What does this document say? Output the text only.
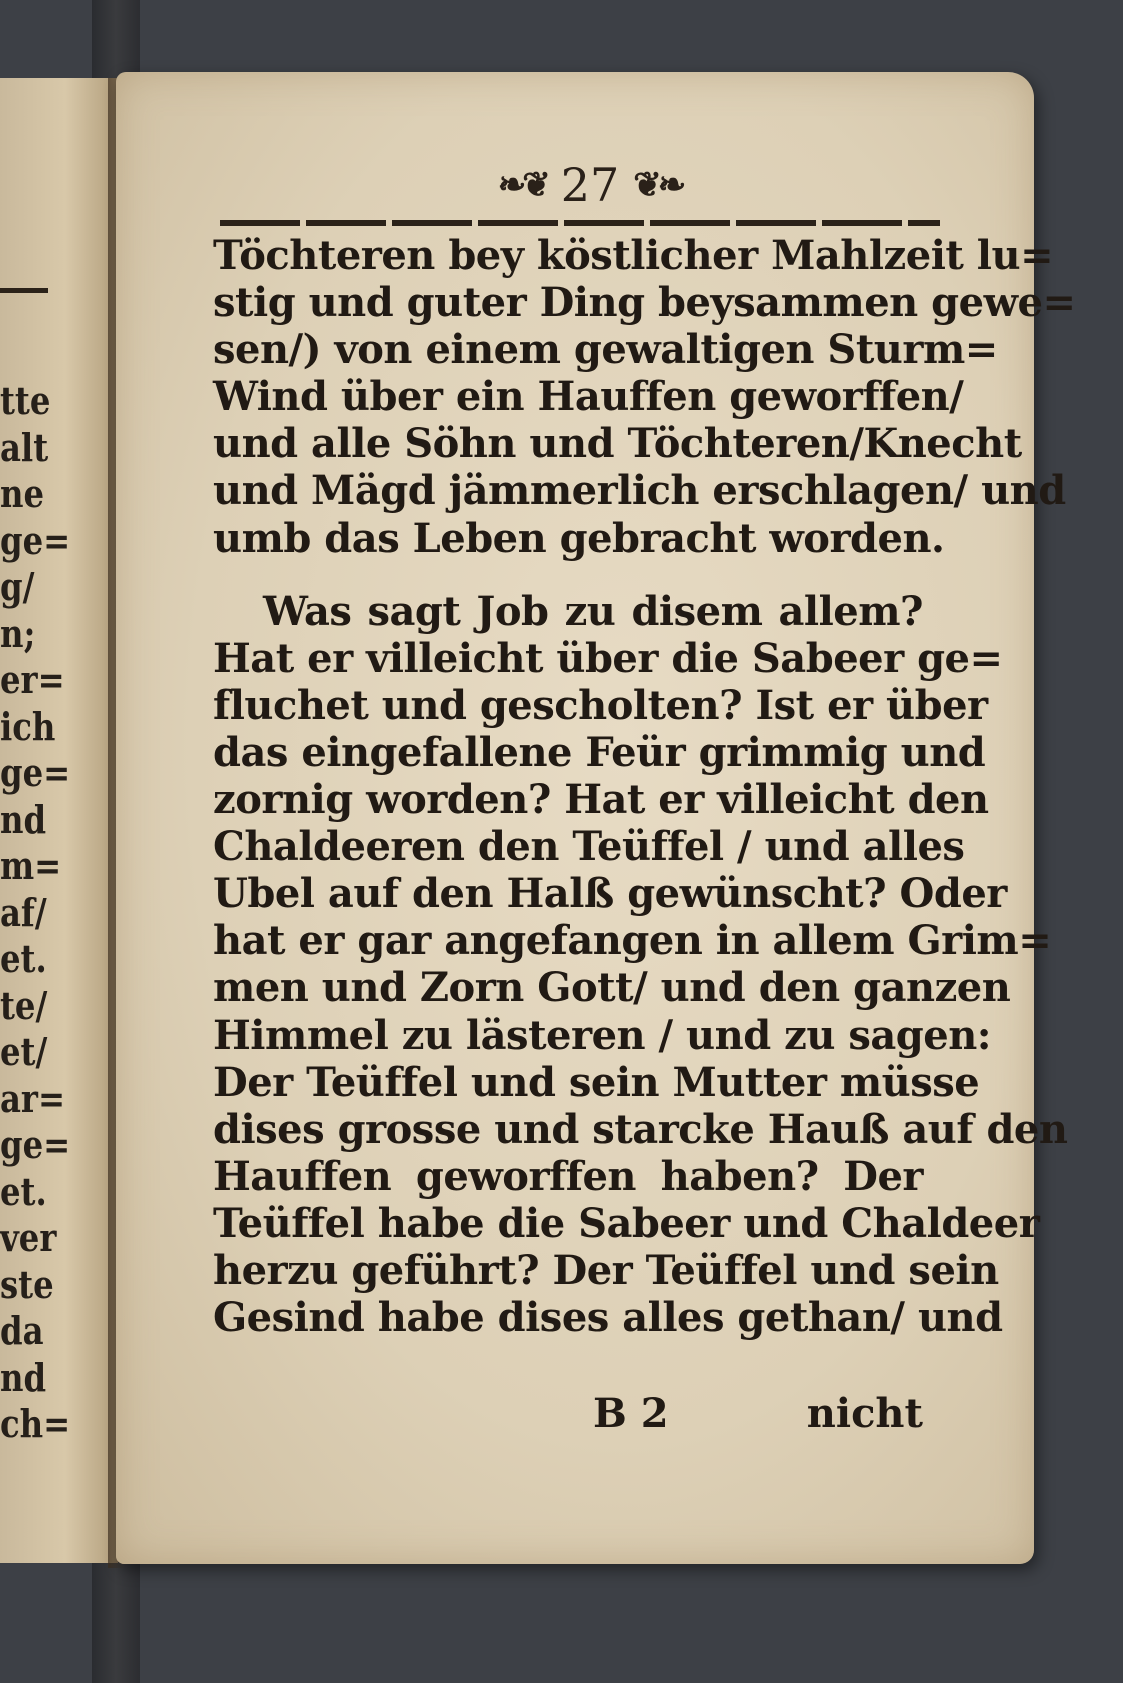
tte
alt
ne
ge=
g/
n;
er=
ich
ge=
nd
m=
af/
et.
te/
et/
ar=
ge=
et.
ver
ste
da
nd
ch=
❧❦ 27 ❦❧
Töchteren bey köstlicher Mahlzeit lu=
stig und guter Ding beysammen gewe=
sen/) von einem gewaltigen Sturm=
Wind über ein Hauffen geworffen/
und alle Söhn und Töchteren/Knecht
und Mägd jämmerlich erschlagen/ und
umb das Leben gebracht worden.
Was sagt Job zu disem allem?
Hat er villeicht über die Sabeer ge=
fluchet und gescholten? Ist er über
das eingefallene Feür grimmig und
zornig worden? Hat er villeicht den
Chaldeeren den Teüffel / und alles
Ubel auf den Halß gewünscht? Oder
hat er gar angefangen in allem Grim=
men und Zorn Gott/ und den ganzen
Himmel zu lästeren / und zu sagen:
Der Teüffel und sein Mutter müsse
dises grosse und starcke Hauß auf den
Hauffen geworffen haben? Der
Teüffel habe die Sabeer und Chaldeer
herzu geführt? Der Teüffel und sein
Gesind habe dises alles gethan/ und
B 2	nicht
